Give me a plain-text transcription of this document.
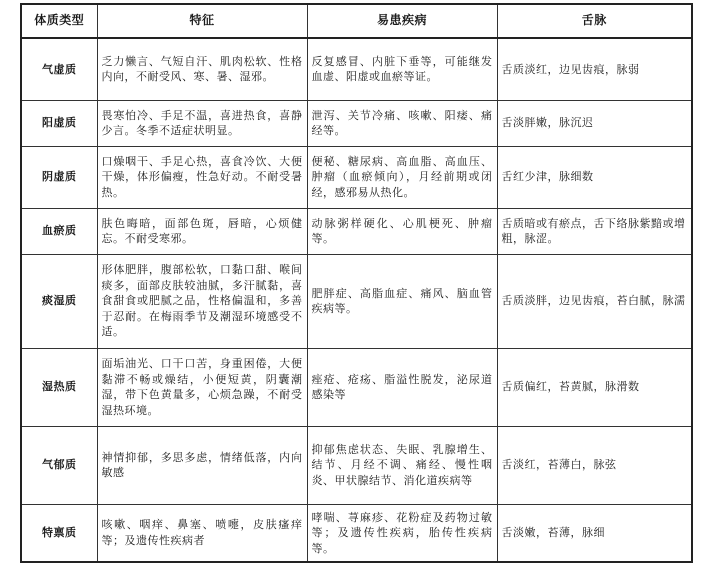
体质类型	特征	易患疾病	舌脉
气虚质	乏力懒言、气短自汗、肌肉松软、性格内向，不耐受风、寒、暑、湿邪。	反复感冒、内脏下垂等，可能继发血虚、阳虚或血瘀等证。	舌质淡红，边见齿痕，脉弱
阳虚质	畏寒怕冷、手足不温，喜进热食，喜静少言。冬季不适症状明显。	泄泻、关节冷痛、咳嗽、阳痿、痛经等。	舌淡胖嫩，脉沉迟
阴虚质	口燥咽干、手足心热，喜食冷饮、大便干燥，体形偏瘦，性急好动。不耐受暑热。	便秘、糖尿病、高血脂、高血压、肿瘤（血瘀倾向），月经前期或闭经，感邪易从热化。	舌红少津，脉细数
血瘀质	肤色晦暗，面部色斑，唇暗，心烦健忘。不耐受寒邪。	动脉粥样硬化、心肌梗死、肿瘤等。	舌质暗或有瘀点，舌下络脉紫黯或增粗，脉涩。
痰湿质	形体肥胖，腹部松软，口黏口甜、喉间痰多，面部皮肤较油腻，多汗腻黏，喜食甜食或肥腻之品，性格偏温和，多善于忍耐。在梅雨季节及潮湿环境感受不适。	肥胖症、高脂血症、痛风、脑血管疾病等。	舌质淡胖，边见齿痕，苔白腻，脉濡
湿热质	面垢油光、口干口苦，身重困倦，大便黏滞不畅或燥结，小便短黄，阴囊潮湿，带下色黄量多，心烦急躁，不耐受湿热环境。	痤疮、疮疡、脂溢性脱发，泌尿道感染等	舌质偏红，苔黄腻，脉滑数
气郁质	神情抑郁，多思多虑，情绪低落，内向敏感	抑郁焦虑状态、失眠、乳腺增生、结节、月经不调、痛经、慢性咽炎、甲状腺结节、消化道疾病等	舌淡红，苔薄白，脉弦
特禀质	咳嗽、咽痒、鼻塞、喷嚏，皮肤瘙痒等；及遗传性疾病者	哮喘、荨麻疹、花粉症及药物过敏等；及遗传性疾病，胎传性疾病等。	舌淡嫩，苔薄，脉细
